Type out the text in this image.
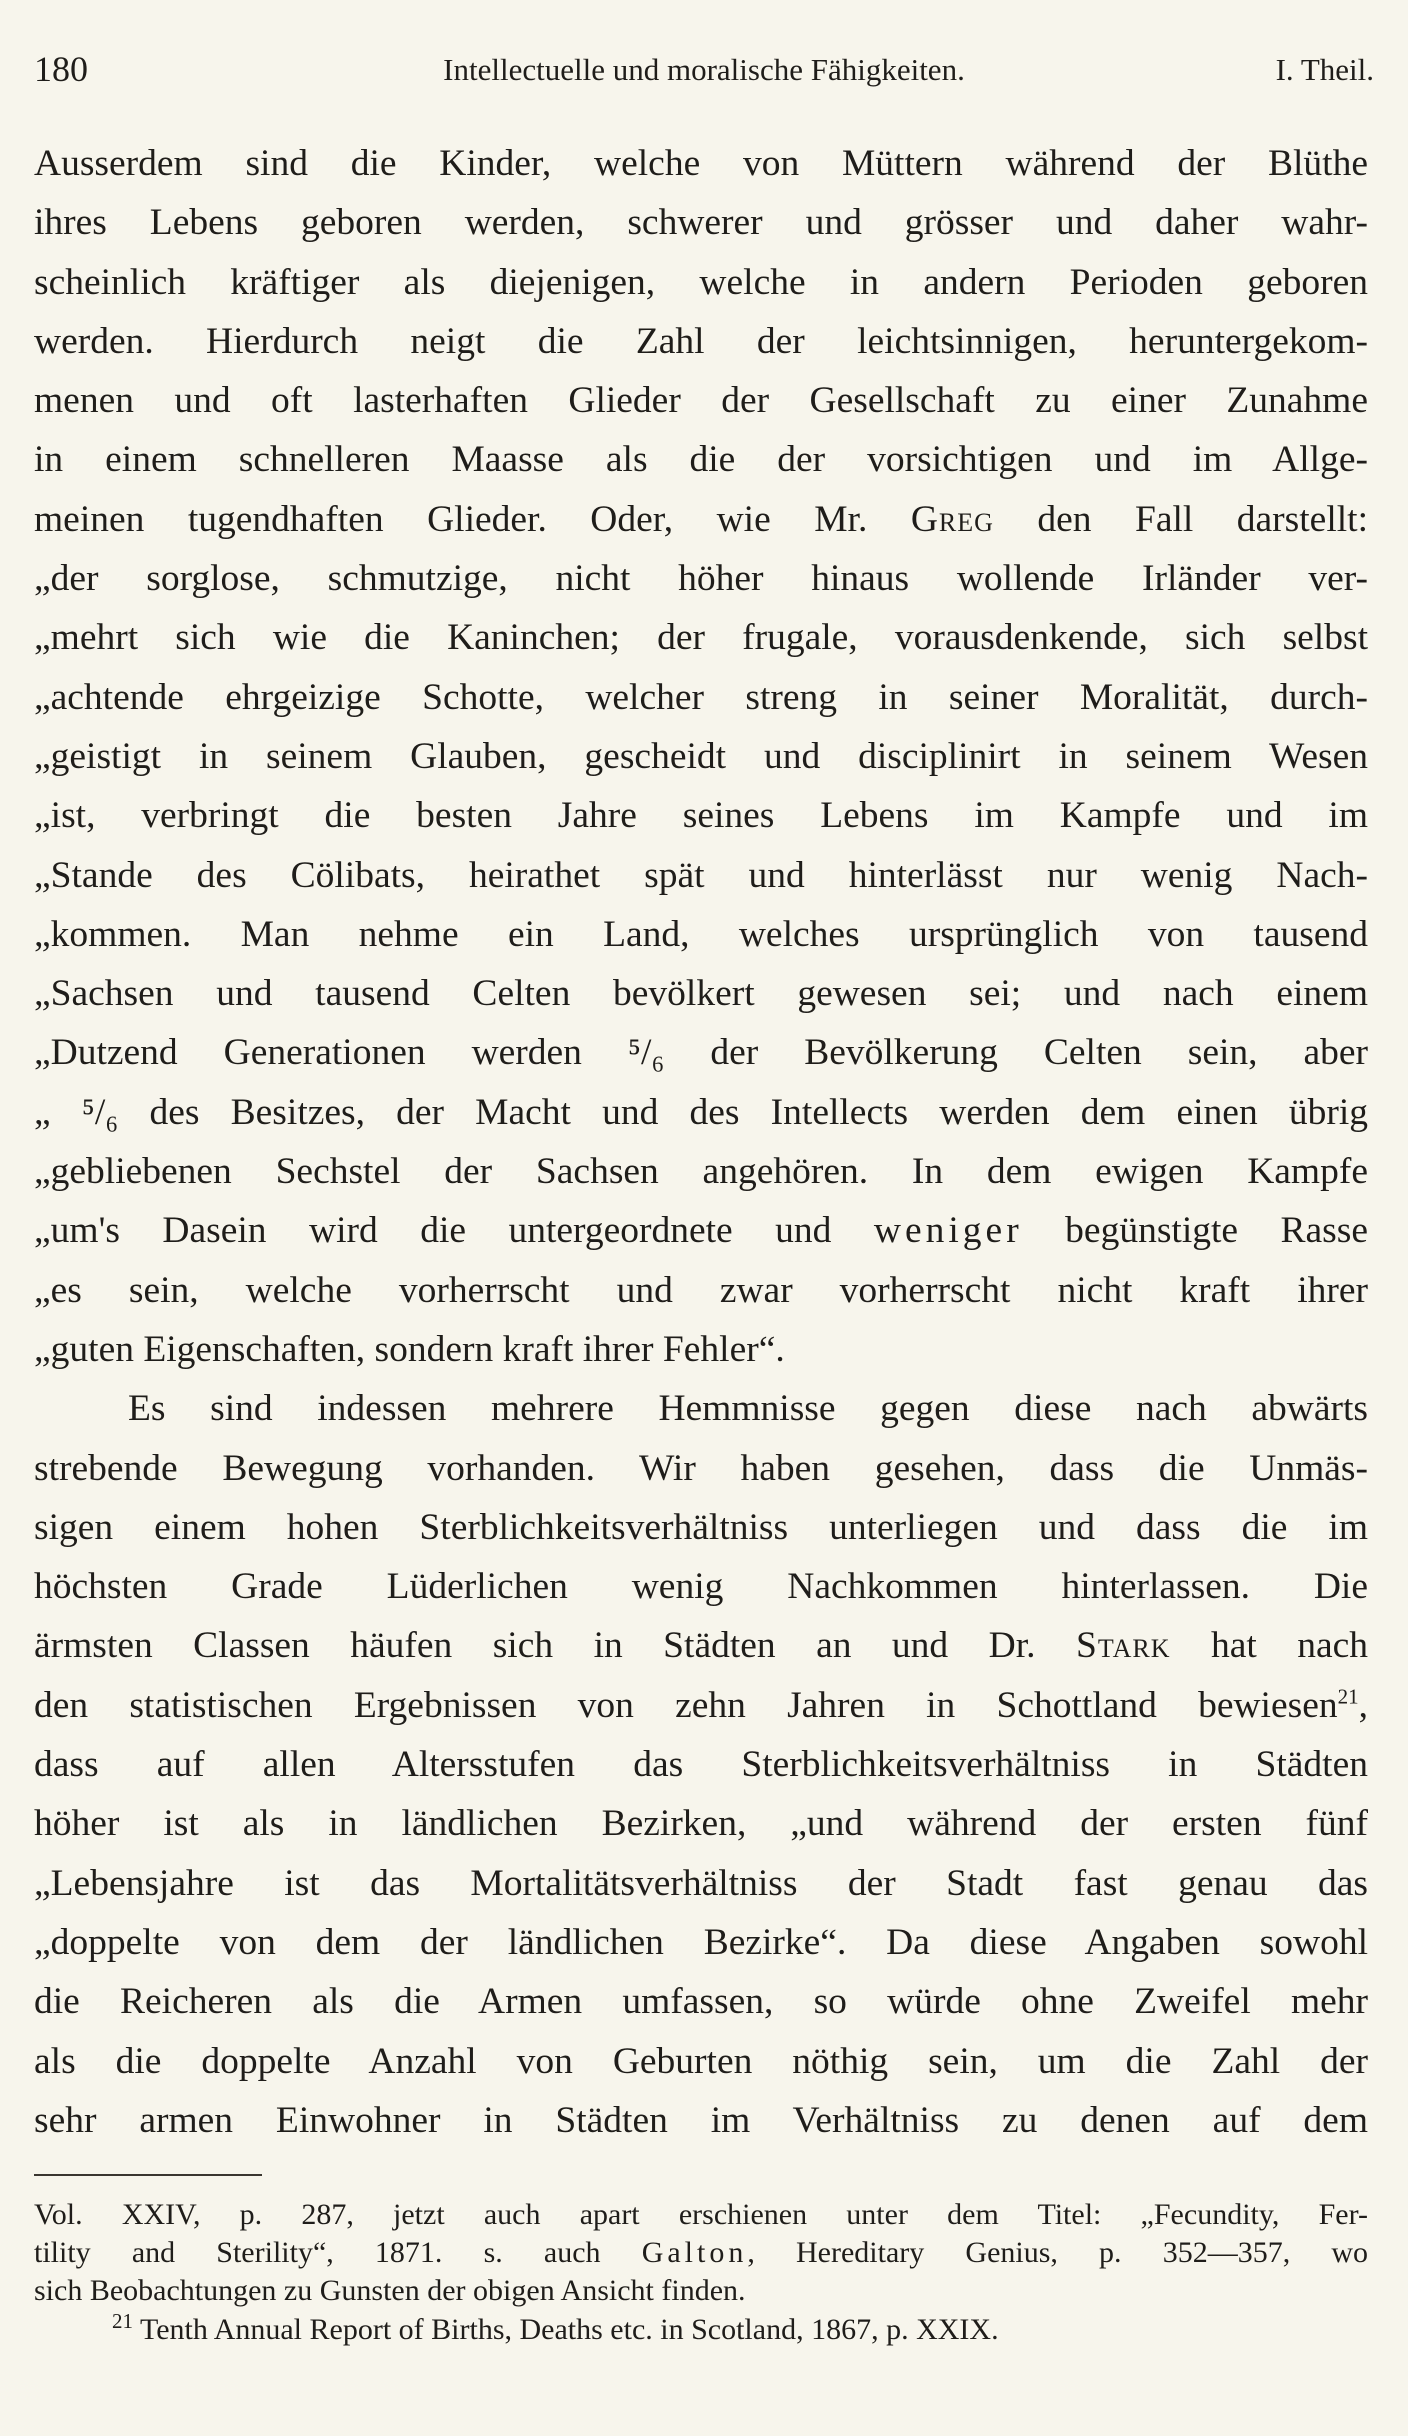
180	Intellectuelle und moralische Fähigkeiten.	I. Theil.
Ausserdem sind die Kinder, welche von Müttern während der Blüthe
ihres Lebens geboren werden, schwerer und grösser und daher wahr-
scheinlich kräftiger als diejenigen, welche in andern Perioden geboren
werden. Hierdurch neigt die Zahl der leichtsinnigen, heruntergekom-
menen und oft lasterhaften Glieder der Gesellschaft zu einer Zunahme
in einem schnelleren Maasse als die der vorsichtigen und im Allge-
meinen tugendhaften Glieder. Oder, wie Mr. Greg den Fall darstellt:
„der sorglose, schmutzige, nicht höher hinaus wollende Irländer ver-
„mehrt sich wie die Kaninchen; der frugale, vorausdenkende, sich selbst
„achtende ehrgeizige Schotte, welcher streng in seiner Moralität, durch-
„geistigt in seinem Glauben, gescheidt und disciplinirt in seinem Wesen
„ist, verbringt die besten Jahre seines Lebens im Kampfe und im
„Stande des Cölibats, heirathet spät und hinterlässt nur wenig Nach-
„kommen. Man nehme ein Land, welches ursprünglich von tausend
„Sachsen und tausend Celten bevölkert gewesen sei; und nach einem
„Dutzend Generationen werden ⁵/₆ der Bevölkerung Celten sein, aber
„ ⁵/₆ des Besitzes, der Macht und des Intellects werden dem einen übrig
„gebliebenen Sechstel der Sachsen angehören. In dem ewigen Kampfe
„um's Dasein wird die untergeordnete und weniger begünstigte Rasse
„es sein, welche vorherrscht und zwar vorherrscht nicht kraft ihrer
„guten Eigenschaften, sondern kraft ihrer Fehler“.
Es sind indessen mehrere Hemmnisse gegen diese nach abwärts
strebende Bewegung vorhanden. Wir haben gesehen, dass die Unmäs-
sigen einem hohen Sterblichkeitsverhältniss unterliegen und dass die im
höchsten Grade Lüderlichen wenig Nachkommen hinterlassen. Die
ärmsten Classen häufen sich in Städten an und Dr. Stark hat nach
den statistischen Ergebnissen von zehn Jahren in Schottland bewiesen$^{21}$,
dass auf allen Altersstufen das Sterblichkeitsverhältniss in Städten
höher ist als in ländlichen Bezirken, „und während der ersten fünf
„Lebensjahre ist das Mortalitätsverhältniss der Stadt fast genau das
„doppelte von dem der ländlichen Bezirke“. Da diese Angaben sowohl
die Reicheren als die Armen umfassen, so würde ohne Zweifel mehr
als die doppelte Anzahl von Geburten nöthig sein, um die Zahl der
sehr armen Einwohner in Städten im Verhältniss zu denen auf dem
Vol. XXIV, p. 287, jetzt auch apart erschienen unter dem Titel: „Fecundity, Fer-
tility and Sterility“, 1871. s. auch Galton, Hereditary Genius, p. 352—357, wo
sich Beobachtungen zu Gunsten der obigen Ansicht finden.
$^{21}$ Tenth Annual Report of Births, Deaths etc. in Scotland, 1867, p. XXIX.
